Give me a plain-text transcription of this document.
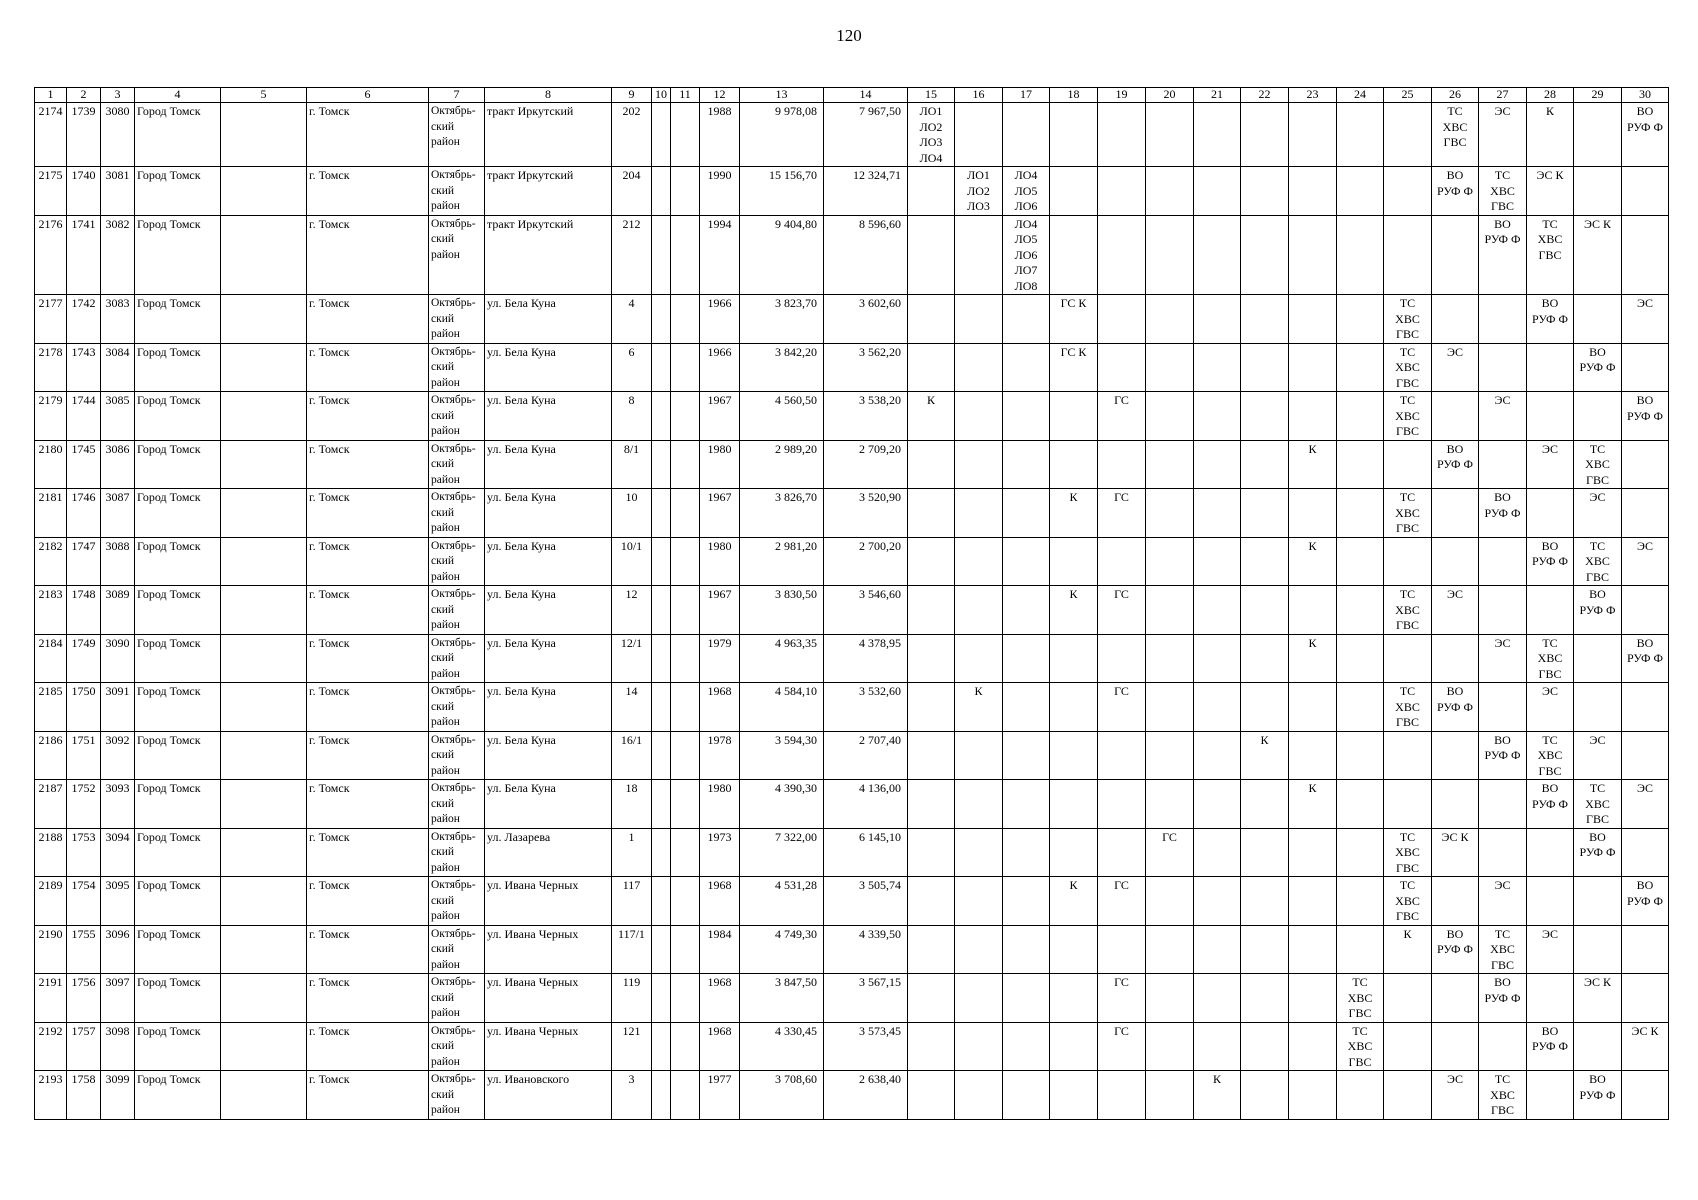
120
1	2	3	4	5	6	7	8	9	10	11	12	13	14	15	16	17	18	19	20	21	22	23	24	25	26	27	28	29	30
2174	1739	3080	Город Томск		г. Томск	Октябрь-ский район	тракт Иркутский	202			1988	9 978,08	7 967,50	ЛО1
ЛО2
ЛО3
ЛО4											ТС
ХВС
ГВС	ЭС	К		ВО
РУФ Ф
2175	1740	3081	Город Томск		г. Томск	Октябрь-ский район	тракт Иркутский	204			1990	15 156,70	12 324,71		ЛО1
ЛО2
ЛО3	ЛО4
ЛО5
ЛО6									ВО
РУФ Ф	ТС
ХВС
ГВС	ЭС К		
2176	1741	3082	Город Томск		г. Томск	Октябрь-ский район	тракт Иркутский	212			1994	9 404,80	8 596,60			ЛО4
ЛО5
ЛО6
ЛО7
ЛО8										ВО
РУФ Ф	ТС
ХВС
ГВС	ЭС К	
2177	1742	3083	Город Томск		г. Томск	Октябрь-ский район	ул. Бела Куна	4			1966	3 823,70	3 602,60				ГС К							ТС
ХВС
ГВС			ВО
РУФ Ф		ЭС
2178	1743	3084	Город Томск		г. Томск	Октябрь-ский район	ул. Бела Куна	6			1966	3 842,20	3 562,20				ГС К							ТС
ХВС
ГВС	ЭС			ВО
РУФ Ф	
2179	1744	3085	Город Томск		г. Томск	Октябрь-ский район	ул. Бела Куна	8			1967	4 560,50	3 538,20	К				ГС						ТС
ХВС
ГВС		ЭС			ВО
РУФ Ф
2180	1745	3086	Город Томск		г. Томск	Октябрь-ский район	ул. Бела Куна	8/1			1980	2 989,20	2 709,20									К			ВО
РУФ Ф		ЭС	ТС
ХВС
ГВС	
2181	1746	3087	Город Томск		г. Томск	Октябрь-ский район	ул. Бела Куна	10			1967	3 826,70	3 520,90				К	ГС						ТС
ХВС
ГВС		ВО
РУФ Ф		ЭС	
2182	1747	3088	Город Томск		г. Томск	Октябрь-ский район	ул. Бела Куна	10/1			1980	2 981,20	2 700,20									К					ВО
РУФ Ф	ТС
ХВС
ГВС	ЭС
2183	1748	3089	Город Томск		г. Томск	Октябрь-ский район	ул. Бела Куна	12			1967	3 830,50	3 546,60				К	ГС						ТС
ХВС
ГВС	ЭС			ВО
РУФ Ф	
2184	1749	3090	Город Томск		г. Томск	Октябрь-ский район	ул. Бела Куна	12/1			1979	4 963,35	4 378,95									К				ЭС	ТС
ХВС
ГВС		ВО
РУФ Ф
2185	1750	3091	Город Томск		г. Томск	Октябрь-ский район	ул. Бела Куна	14			1968	4 584,10	3 532,60		К			ГС						ТС
ХВС
ГВС	ВО
РУФ Ф		ЭС		
2186	1751	3092	Город Томск		г. Томск	Октябрь-ский район	ул. Бела Куна	16/1			1978	3 594,30	2 707,40								К					ВО
РУФ Ф	ТС
ХВС
ГВС	ЭС	
2187	1752	3093	Город Томск		г. Томск	Октябрь-ский район	ул. Бела Куна	18			1980	4 390,30	4 136,00									К					ВО
РУФ Ф	ТС
ХВС
ГВС	ЭС
2188	1753	3094	Город Томск		г. Томск	Октябрь-ский район	ул. Лазарева	1			1973	7 322,00	6 145,10						ГС					ТС
ХВС
ГВС	ЭС К			ВО
РУФ Ф	
2189	1754	3095	Город Томск		г. Томск	Октябрь-ский район	ул. Ивана Черных	117			1968	4 531,28	3 505,74				К	ГС						ТС
ХВС
ГВС		ЭС			ВО
РУФ Ф
2190	1755	3096	Город Томск		г. Томск	Октябрь-ский район	ул. Ивана Черных	117/1			1984	4 749,30	4 339,50											К	ВО
РУФ Ф	ТС
ХВС
ГВС	ЭС		
2191	1756	3097	Город Томск		г. Томск	Октябрь-ский район	ул. Ивана Черных	119			1968	3 847,50	3 567,15					ГС					ТС
ХВС
ГВС			ВО
РУФ Ф		ЭС К	
2192	1757	3098	Город Томск		г. Томск	Октябрь-ский район	ул. Ивана Черных	121			1968	4 330,45	3 573,45					ГС					ТС
ХВС
ГВС				ВО
РУФ Ф		ЭС К
2193	1758	3099	Город Томск		г. Томск	Октябрь-ский район	ул. Ивановского	3			1977	3 708,60	2 638,40							К					ЭС	ТС
ХВС
ГВС		ВО
РУФ Ф	
